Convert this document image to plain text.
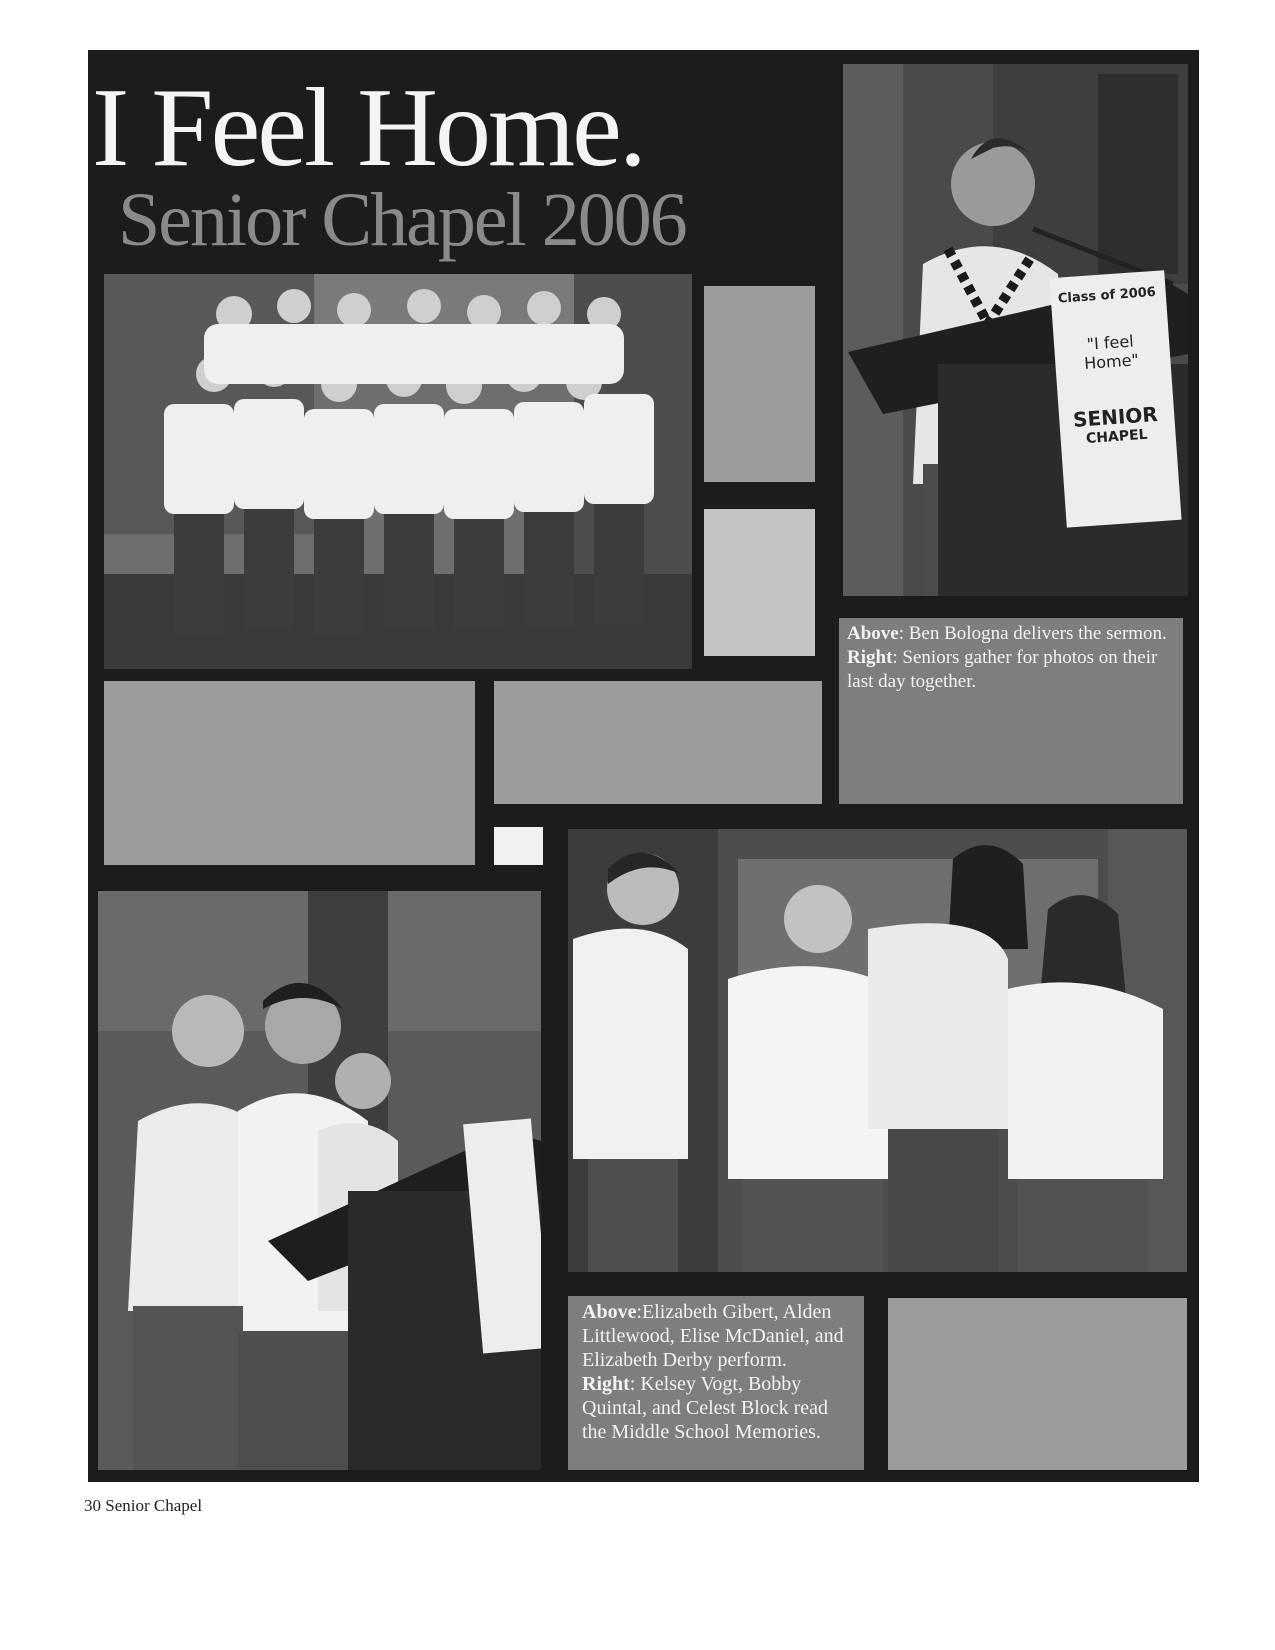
I Feel Home.
Senior Chapel 2006
Class of 2006
"I feel
Home"
SENIOR
CHAPEL
Above: Ben Bologna delivers the sermon.
Right: Seniors gather for photos on their last day together.
Above:Elizabeth Gibert, Alden Littlewood, Elise McDaniel, and Elizabeth Derby perform.
Right: Kelsey Vogt, Bobby Quintal, and Celest Block read the Middle School Memories.
30 Senior Chapel
